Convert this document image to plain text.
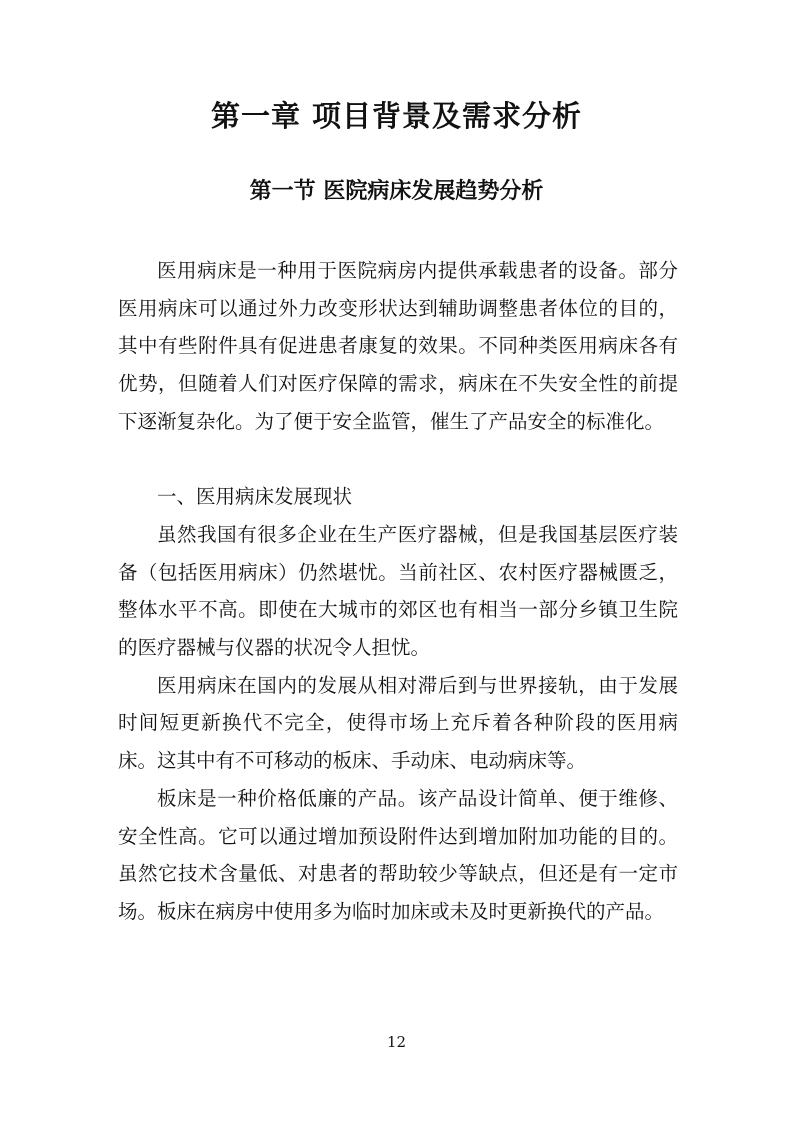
第一章 项目背景及需求分析
第一节 医院病床发展趋势分析

医用病床是一种用于医院病房内提供承载患者的设备。部分医用病床可以通过外力改变形状达到辅助调整患者体位的目的，其中有些附件具有促进患者康复的效果。不同种类医用病床各有优势，但随着人们对医疗保障的需求，病床在不失安全性的前提下逐渐复杂化。为了便于安全监管，催生了产品安全的标准化。

一、医用病床发展现状

虽然我国有很多企业在生产医疗器械，但是我国基层医疗装备（包括医用病床）仍然堪忧。当前社区、农村医疗器械匮乏，整体水平不高。即使在大城市的郊区也有相当一部分乡镇卫生院的医疗器械与仪器的状况令人担忧。

医用病床在国内的发展从相对滞后到与世界接轨，由于发展时间短更新换代不完全，使得市场上充斥着各种阶段的医用病床。这其中有不可移动的板床、手动床、电动病床等。

板床是一种价格低廉的产品。该产品设计简单、便于维修、安全性高。它可以通过增加预设附件达到增加附加功能的目的。虽然它技术含量低、对患者的帮助较少等缺点，但还是有一定市场。板床在病房中使用多为临时加床或未及时更新换代的产品。

12
